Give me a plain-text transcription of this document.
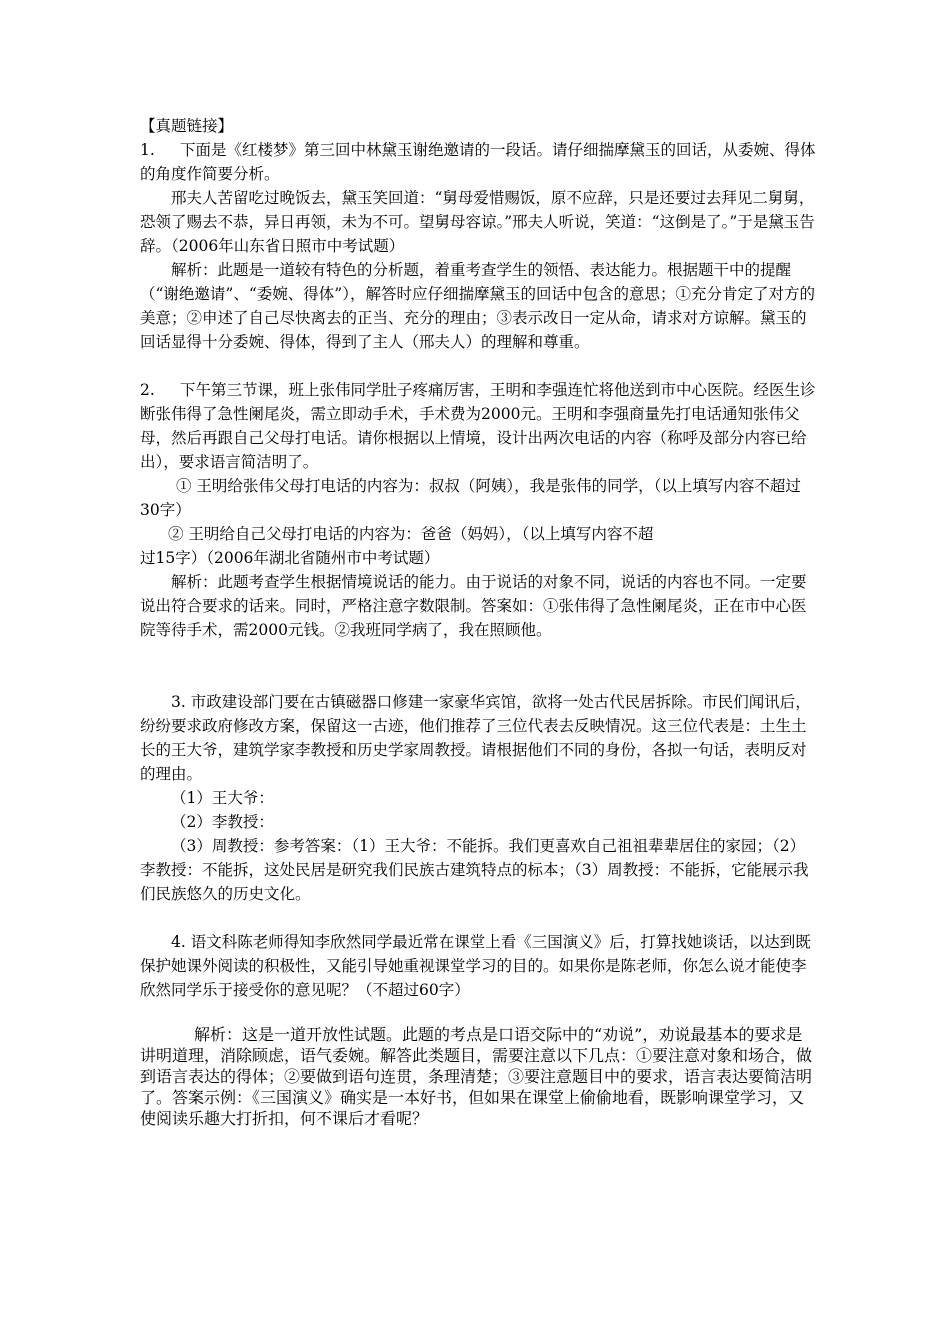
【真题链接】

1. 下面是《红楼梦》第三回中林黛玉谢绝邀请的一段话。请仔细揣摩黛玉的回话，从委婉、得体的角度作简要分析。

邢夫人苦留吃过晚饭去，黛玉笑回道：“舅母爱惜赐饭，原不应辞，只是还要过去拜见二舅舅，恐领了赐去不恭，异日再领，未为不可。望舅母容谅。”邢夫人听说，笑道：“这倒是了。”于是黛玉告辞。（2006年山东省日照市中考试题）

解析：此题是一道较有特色的分析题，着重考查学生的领悟、表达能力。根据题干中的提醒（“谢绝邀请”、“委婉、得体”），解答时应仔细揣摩黛玉的回话中包含的意思；①充分肯定了对方的美意；②申述了自己尽快离去的正当、充分的理由；③表示改日一定从命，请求对方谅解。黛玉的回话显得十分委婉、得体，得到了主人（邢夫人）的理解和尊重。

2. 下午第三节课，班上张伟同学肚子疼痛厉害，王明和李强连忙将他送到市中心医院。经医生诊断张伟得了急性阑尾炎，需立即动手术，手术费为2000元。王明和李强商量先打电话通知张伟父母，然后再跟自己父母打电话。请你根据以上情境，设计出两次电话的内容（称呼及部分内容已给出），要求语言简洁明了。

① 王明给张伟父母打电话的内容为：叔叔（阿姨），我是张伟的同学，（以上填写内容不超过30字）

② 王明给自己父母打电话的内容为：爸爸（妈妈），（以上填写内容不超

过15字）（2006年湖北省随州市中考试题）

解析：此题考查学生根据情境说话的能力。由于说话的对象不同，说话的内容也不同。一定要说出符合要求的话来。同时，严格注意字数限制。答案如：①张伟得了急性阑尾炎，正在市中心医院等待手术，需2000元钱。②我班同学病了，我在照顾他。

3. 市政建设部门要在古镇磁器口修建一家豪华宾馆，欲将一处古代民居拆除。市民们闻讯后，纷纷要求政府修改方案，保留这一古迹，他们推荐了三位代表去反映情况。这三位代表是：土生土长的王大爷，建筑学家李教授和历史学家周教授。请根据他们不同的身份，各拟一句话，表明反对的理由。

（1）王大爷：

（2）李教授：

（3）周教授：参考答案：（1）王大爷：不能拆。我们更喜欢自己祖祖辈辈居住的家园；（2）李教授：不能拆，这处民居是研究我们民族古建筑特点的标本；（3）周教授：不能拆，它能展示我们民族悠久的历史文化。

4. 语文科陈老师得知李欣然同学最近常在课堂上看《三国演义》后，打算找她谈话，以达到既保护她课外阅读的积极性，又能引导她重视课堂学习的目的。如果你是陈老师，你怎么说才能使李欣然同学乐于接受你的意见呢？（不超过60字）

解析：这是一道开放性试题。此题的考点是口语交际中的“劝说”，劝说最基本的要求是讲明道理，消除顾虑，语气委婉。解答此类题目，需要注意以下几点：①要注意对象和场合，做到语言表达的得体；②要做到语句连贯，条理清楚；③要注意题目中的要求，语言表达要简洁明了。答案示例：《三国演义》确实是一本好书，但如果在课堂上偷偷地看，既影响课堂学习，又使阅读乐趣大打折扣，何不课后才看呢？
